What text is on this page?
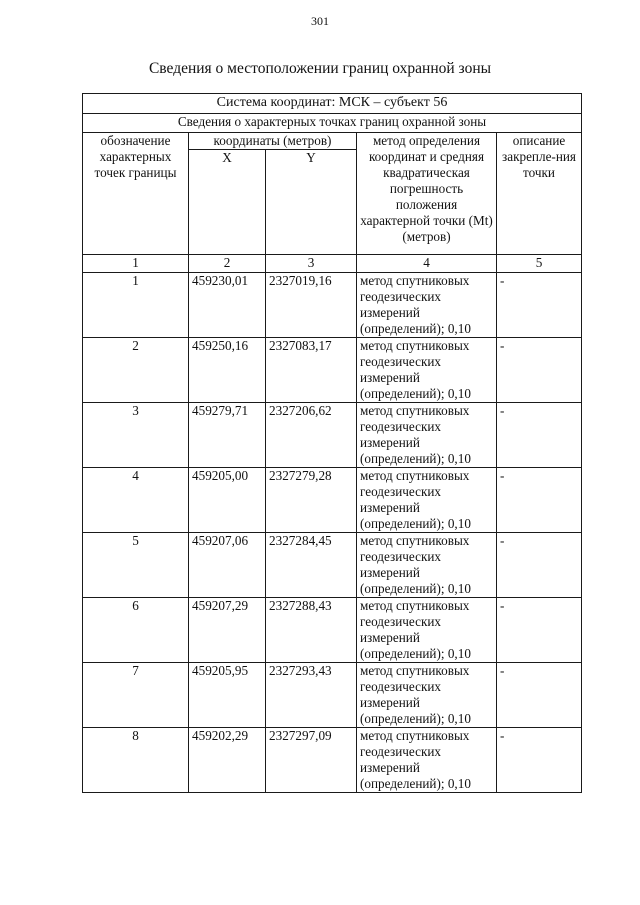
301
Сведения о местоположении границ охранной зоны
Система координат: МСК – субъект 56				
Сведения о характерных точках границ охранной зоны				
обозначение характерных точек границы	координаты (метров)		метод определения координат и средняя квадратическая погрешность положения характерной точки (Mt) (метров)	описание закрепле-ния точки
	X	Y		
1	2	3	4	5
1	459230,01	2327019,16	метод спутниковых геодезических измерений (определений); 0,10	-
2	459250,16	2327083,17	метод спутниковых геодезических измерений (определений); 0,10	-
3	459279,71	2327206,62	метод спутниковых геодезических измерений (определений); 0,10	-
4	459205,00	2327279,28	метод спутниковых геодезических измерений (определений); 0,10	-
5	459207,06	2327284,45	метод спутниковых геодезических измерений (определений); 0,10	-
6	459207,29	2327288,43	метод спутниковых геодезических измерений (определений); 0,10	-
7	459205,95	2327293,43	метод спутниковых геодезических измерений (определений); 0,10	-
8	459202,29	2327297,09	метод спутниковых геодезических измерений (определений); 0,10	-
